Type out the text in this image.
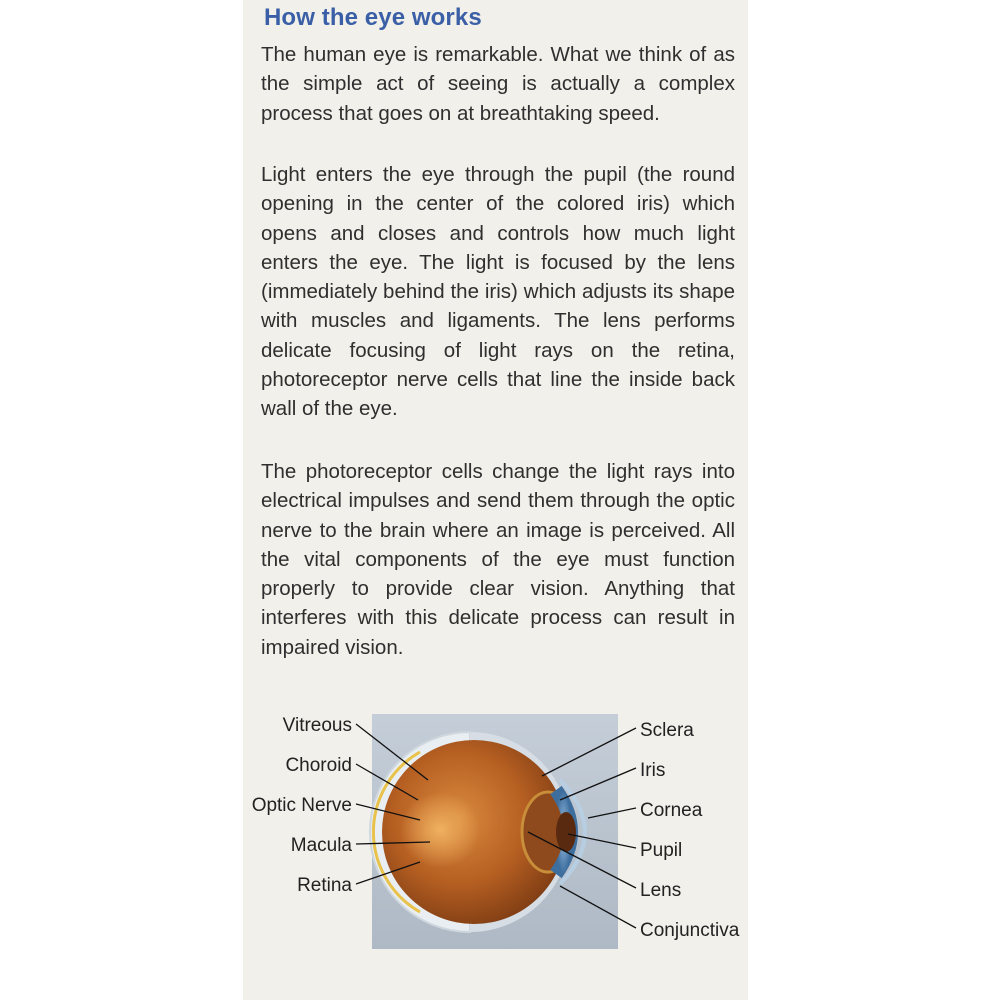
How the eye works
The human eye is remarkable. What we think of as the simple act of seeing is actually a complex process that goes on at breathtaking speed.
Light enters the eye through the pupil (the round opening in the center of the colored iris) which opens and closes and controls how much light enters the eye. The light is focused by the lens (immediately behind the iris) which adjusts its shape with muscles and ligaments. The lens performs delicate focusing of light rays on the retina, photoreceptor nerve cells that line the inside back wall of the eye.
The photoreceptor cells change the light rays into electrical impulses and send them through the optic nerve to the brain where an image is perceived. All the vital components of the eye must function properly to provide clear vision. Anything that interferes with this delicate process can result in impaired vision.
Vitreous
Choroid
Optic Nerve
Macula
Retina
Sclera
Iris
Cornea
Pupil
Lens
Conjunctiva
